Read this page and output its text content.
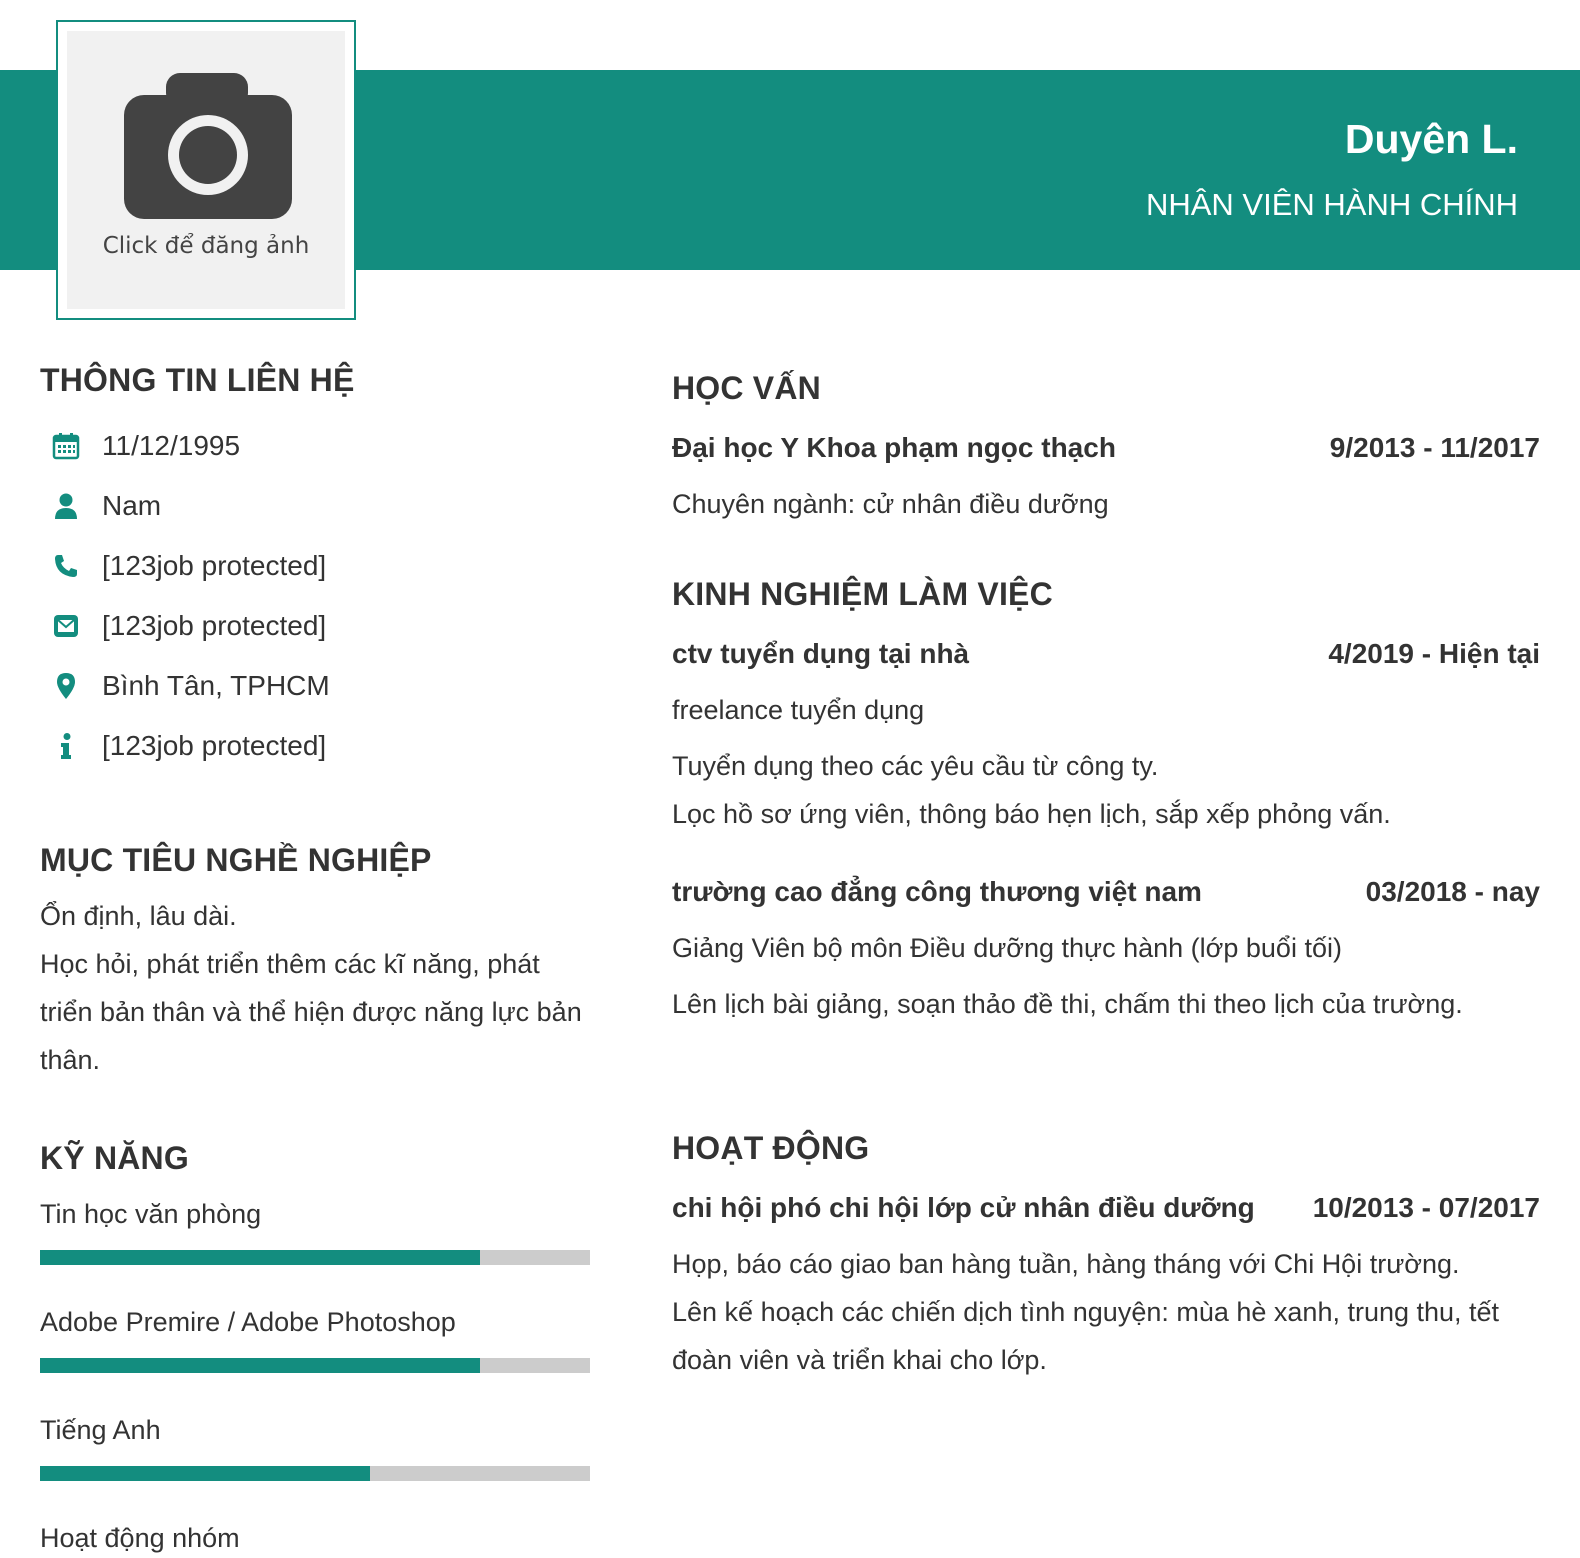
Duyên L.
NHÂN VIÊN HÀNH CHÍNH
Click để đăng ảnh
THÔNG TIN LIÊN HỆ
11/12/1995
Nam
[123job protected]
[123job protected]
Bình Tân, TPHCM
[123job protected]
MỤC TIÊU NGHỀ NGHIỆP

Ổn định, lâu dài.

Học hỏi, phát triển thêm các kĩ năng, phát triển bản thân và thể hiện được năng lực bản thân.

KỸ NĂNG

Tin học văn phòng

Adobe Premire / Adobe Photoshop

Tiếng Anh

Hoạt động nhóm

HỌC VẤN
Đại học Y Khoa phạm ngọc thạch	9/2013 - 11/2017

Chuyên ngành: cử nhân điều dưỡng

KINH NGHIỆM LÀM VIỆC
ctv tuyển dụng tại nhà	4/2019 - Hiện tại

freelance tuyển dụng

Tuyển dụng theo các yêu cầu từ công ty.

Lọc hồ sơ ứng viên, thông báo hẹn lịch, sắp xếp phỏng vấn.

trường cao đẳng công thương việt nam	03/2018 - nay

Giảng Viên bộ môn Điều dưỡng thực hành (lớp buổi tối)

Lên lịch bài giảng, soạn thảo đề thi, chấm thi theo lịch của trường.

HOẠT ĐỘNG
chi hội phó chi hội lớp cử nhân điều dưỡng 10/2013 - 07/2017

Họp, báo cáo giao ban hàng tuần, hàng tháng với Chi Hội trường.

Lên kế hoạch các chiến dịch tình nguyện: mùa hè xanh, trung thu, tết đoàn viên và triển khai cho lớp.
